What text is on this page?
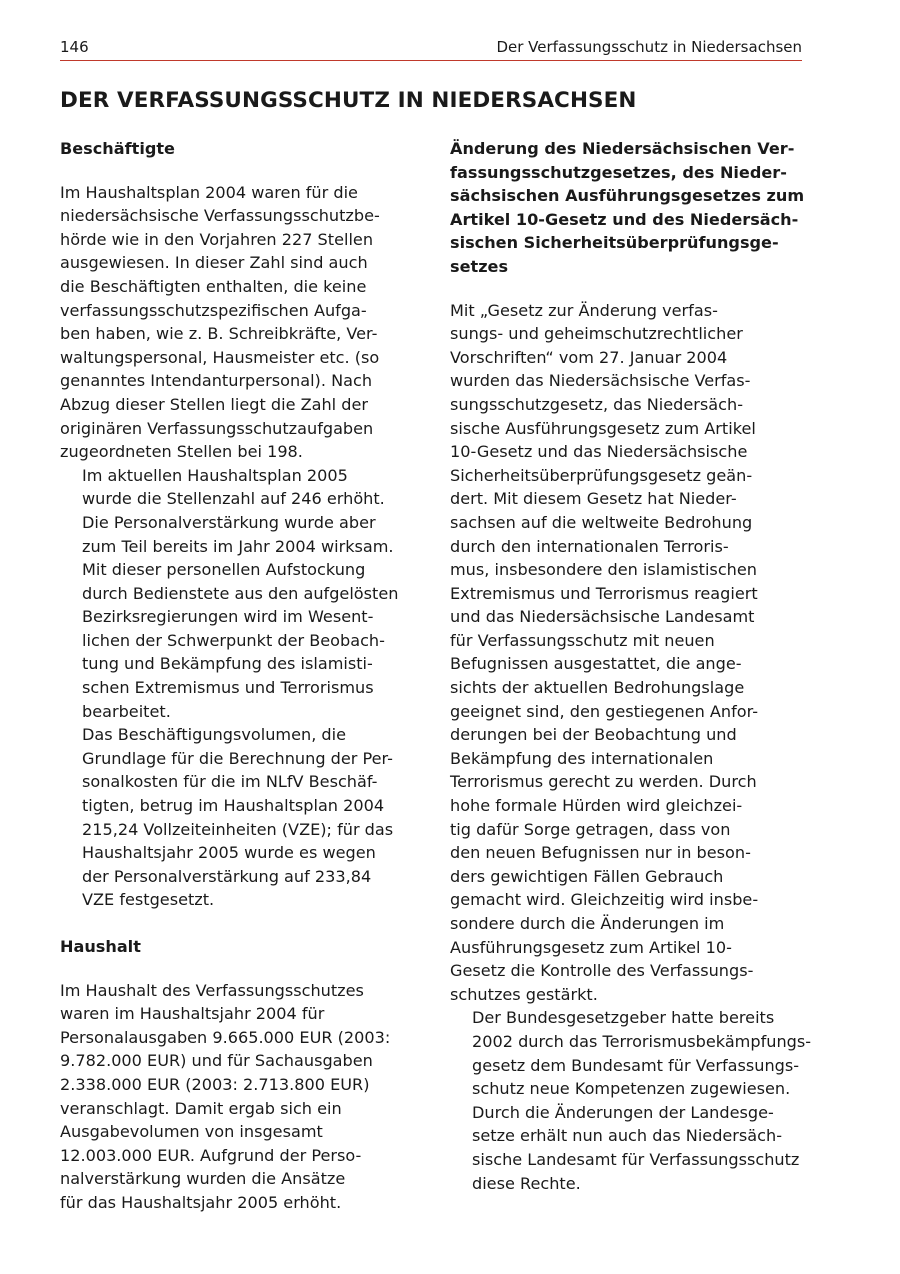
146	Der Verfassungsschutz in Niedersachsen
DER VERFASSUNGSSCHUTZ IN NIEDERSACHSEN
Beschäftigte

Im Haushaltsplan 2004 waren für die
niedersächsische Verfassungsschutzbe-
hörde wie in den Vorjahren 227 Stellen
ausgewiesen. In dieser Zahl sind auch
die Beschäftigten enthalten, die keine
verfassungsschutzspezifischen Aufga-
ben haben, wie z. B. Schreibkräfte, Ver-
waltungspersonal, Hausmeister etc. (so
genanntes Intendanturpersonal). Nach
Abzug dieser Stellen liegt die Zahl der
originären Verfassungsschutzaufgaben
zugeordneten Stellen bei 198.

Im aktuellen Haushaltsplan 2005
wurde die Stellenzahl auf 246 erhöht.
Die Personalverstärkung wurde aber
zum Teil bereits im Jahr 2004 wirksam.
Mit dieser personellen Aufstockung
durch Bedienstete aus den aufgelösten
Bezirksregierungen wird im Wesent-
lichen der Schwerpunkt der Beobach-
tung und Bekämpfung des islamisti-
schen Extremismus und Terrorismus
bearbeitet.

Das Beschäftigungsvolumen, die
Grundlage für die Berechnung der Per-
sonalkosten für die im NLfV Beschäf-
tigten, betrug im Haushaltsplan 2004
215,24 Vollzeiteinheiten (VZE); für das
Haushaltsjahr 2005 wurde es wegen
der Personalverstärkung auf 233,84
VZE festgesetzt.

Haushalt

Im Haushalt des Verfassungsschutzes
waren im Haushaltsjahr 2004 für
Personalausgaben 9.665.000 EUR (2003:
9.782.000 EUR) und für Sachausgaben
2.338.000 EUR (2003: 2.713.800 EUR)
veranschlagt. Damit ergab sich ein
Ausgabevolumen von insgesamt
12.003.000 EUR. Aufgrund der Perso-
nalverstärkung wurden die Ansätze
für das Haushaltsjahr 2005 erhöht.

Änderung des Niedersächsischen Ver-
fassungsschutzgesetzes, des Nieder-
sächsischen Ausführungsgesetzes zum
Artikel 10-Gesetz und des Niedersäch-
sischen Sicherheitsüberprüfungsge-
setzes

Mit „Gesetz zur Änderung verfas-
sungs- und geheimschutzrechtlicher
Vorschriften“ vom 27. Januar 2004
wurden das Niedersächsische Verfas-
sungsschutzgesetz, das Niedersäch-
sische Ausführungsgesetz zum Artikel
10-Gesetz und das Niedersächsische
Sicherheitsüberprüfungsgesetz geän-
dert. Mit diesem Gesetz hat Nieder-
sachsen auf die weltweite Bedrohung
durch den internationalen Terroris-
mus, insbesondere den islamistischen
Extremismus und Terrorismus reagiert
und das Niedersächsische Landesamt
für Verfassungsschutz mit neuen
Befugnissen ausgestattet, die ange-
sichts der aktuellen Bedrohungslage
geeignet sind, den gestiegenen Anfor-
derungen bei der Beobachtung und
Bekämpfung des internationalen
Terrorismus gerecht zu werden. Durch
hohe formale Hürden wird gleichzei-
tig dafür Sorge getragen, dass von
den neuen Befugnissen nur in beson-
ders gewichtigen Fällen Gebrauch
gemacht wird. Gleichzeitig wird insbe-
sondere durch die Änderungen im
Ausführungsgesetz zum Artikel 10-
Gesetz die Kontrolle des Verfassungs-
schutzes gestärkt.

Der Bundesgesetzgeber hatte bereits
2002 durch das Terrorismusbekämpfungs-
gesetz dem Bundesamt für Verfassungs-
schutz neue Kompetenzen zugewiesen.
Durch die Änderungen der Landesge-
setze erhält nun auch das Niedersäch-
sische Landesamt für Verfassungsschutz
diese Rechte.
